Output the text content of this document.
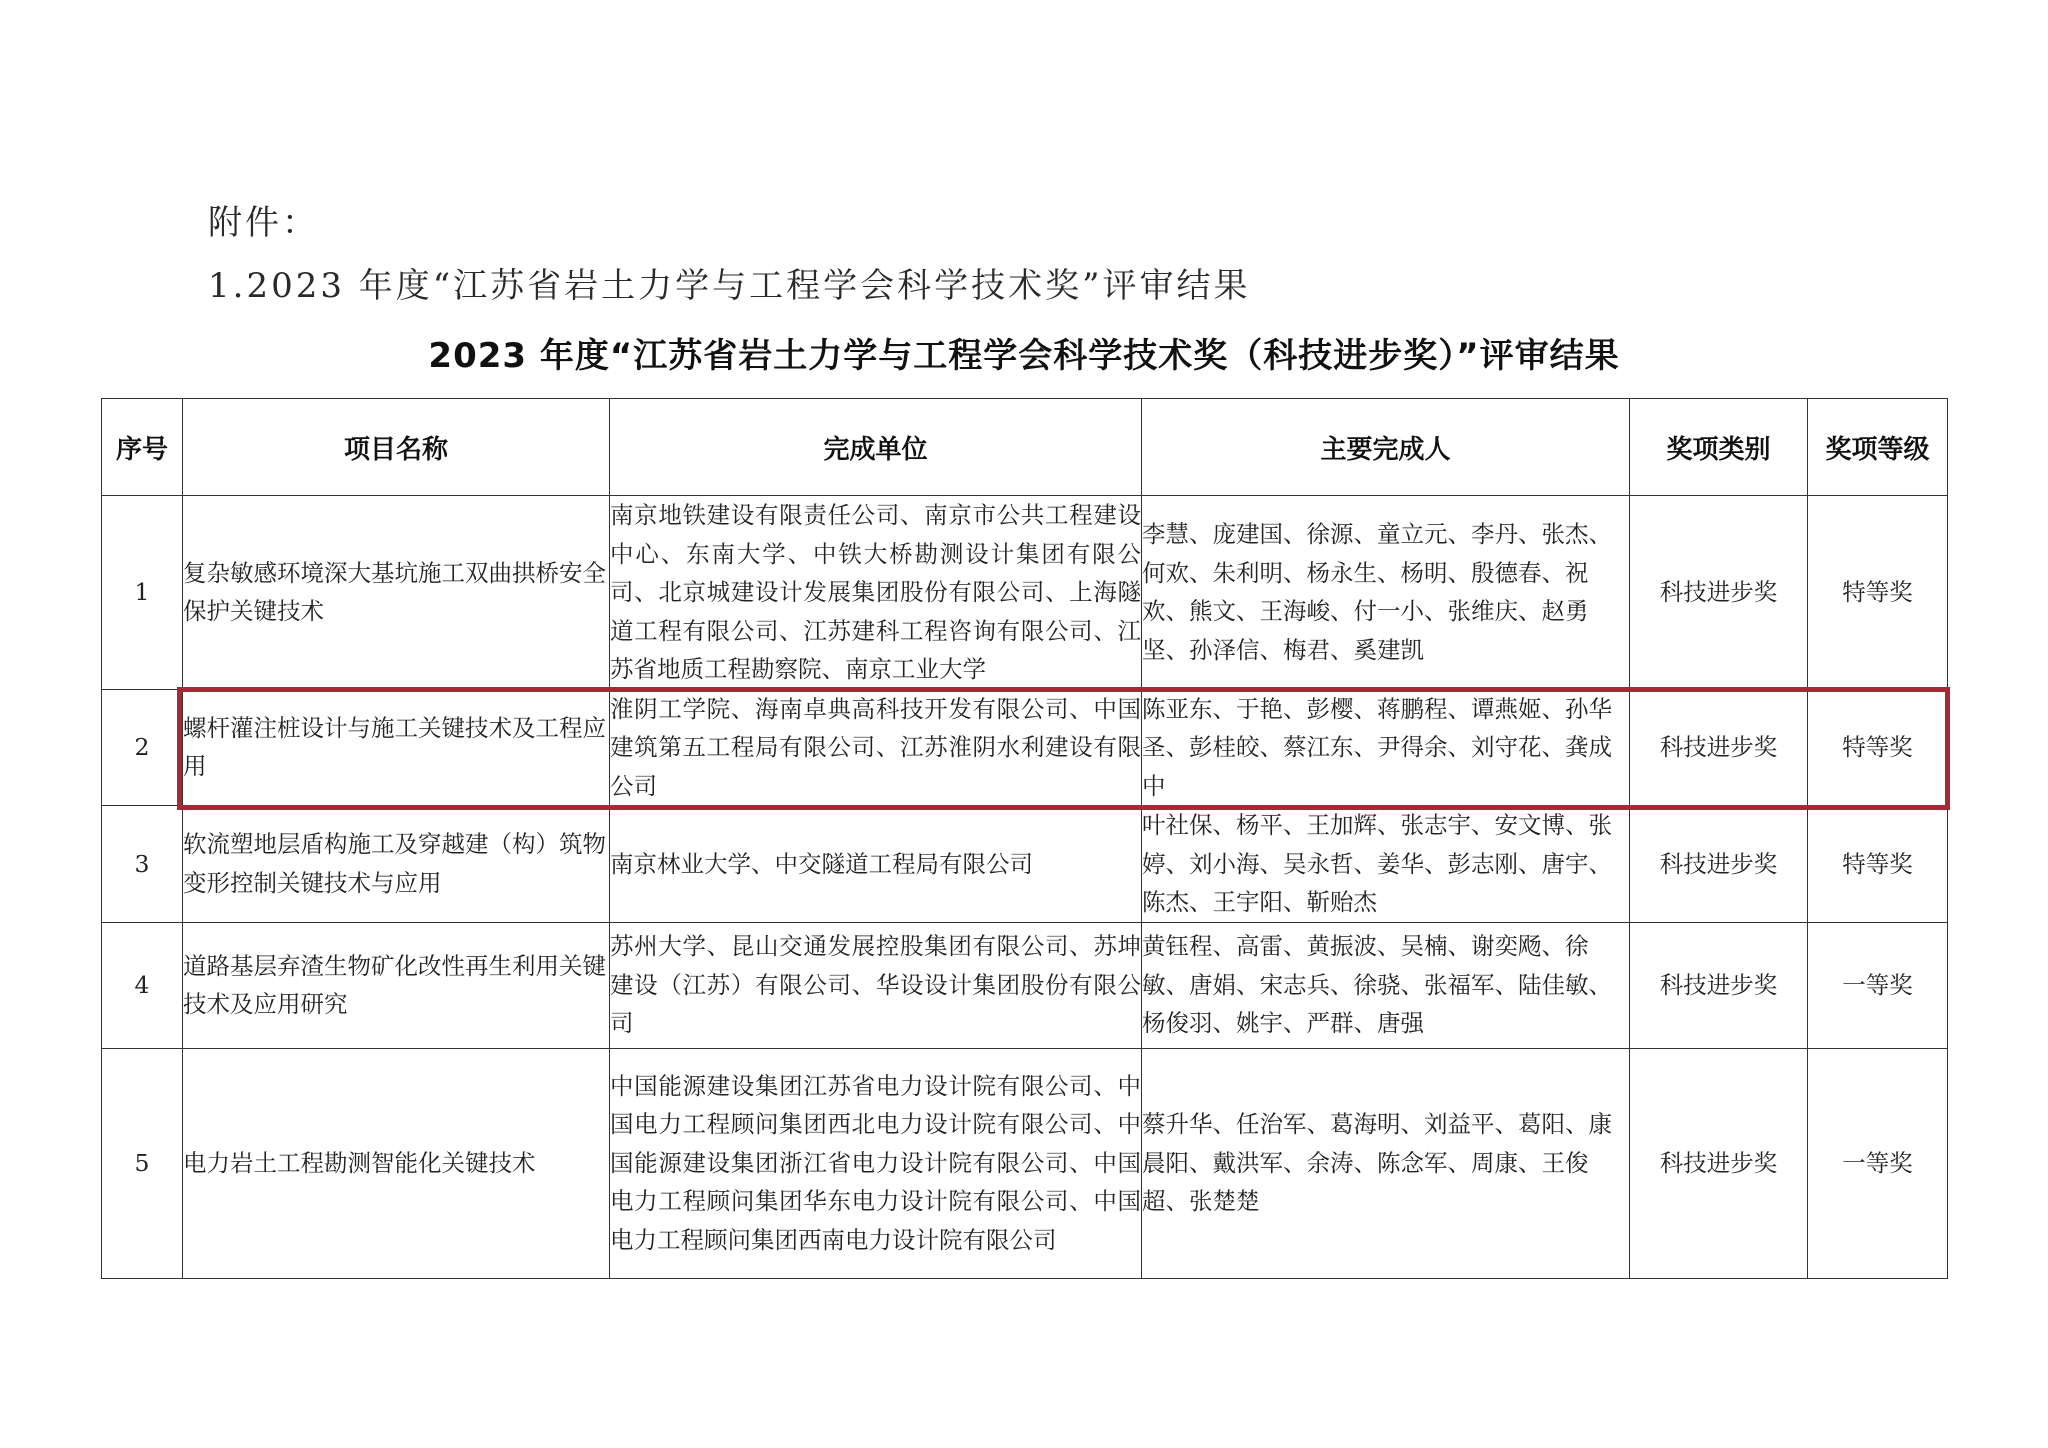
附件：
1.2023 年度“江苏省岩土力学与工程学会科学技术奖”评审结果
2023 年度“江苏省岩土力学与工程学会科学技术奖（科技进步奖）”评审结果
序号	项目名称	完成单位	主要完成人	奖项类别	奖项等级
1	复杂敏感环境深大基坑施工双曲拱桥安全保护关键技术	南京地铁建设有限责任公司、南京市公共工程建设中心、东南大学、中铁大桥勘测设计集团有限公司、北京城建设计发展集团股份有限公司、上海隧道工程有限公司、江苏建科工程咨询有限公司、江苏省地质工程勘察院、南京工业大学	李慧、庞建国、徐源、童立元、李丹、张杰、何欢、朱利明、杨永生、杨明、殷德春、祝欢、熊文、王海峻、付一小、张维庆、赵勇坚、孙泽信、梅君、奚建凯	科技进步奖	特等奖
2	螺杆灌注桩设计与施工关键技术及工程应用	淮阴工学院、海南卓典高科技开发有限公司、中国建筑第五工程局有限公司、江苏淮阴水利建设有限公司	陈亚东、于艳、彭樱、蒋鹏程、谭燕姬、孙华圣、彭桂皎、蔡江东、尹得余、刘守花、龚成中	科技进步奖	特等奖
3	软流塑地层盾构施工及穿越建（构）筑物变形控制关键技术与应用	南京林业大学、中交隧道工程局有限公司	叶社保、杨平、王加辉、张志宇、安文博、张婷、刘小海、吴永哲、姜华、彭志刚、唐宇、陈杰、王宇阳、靳贻杰	科技进步奖	特等奖
4	道路基层弃渣生物矿化改性再生利用关键技术及应用研究	苏州大学、昆山交通发展控股集团有限公司、苏坤建设（江苏）有限公司、华设设计集团股份有限公司	黄钰程、高雷、黄振波、吴楠、谢奕飏、徐敏、唐娟、宋志兵、徐骁、张福军、陆佳敏、杨俊羽、姚宇、严群、唐强	科技进步奖	一等奖
5	电力岩土工程勘测智能化关键技术	中国能源建设集团江苏省电力设计院有限公司、中国电力工程顾问集团西北电力设计院有限公司、中国能源建设集团浙江省电力设计院有限公司、中国电力工程顾问集团华东电力设计院有限公司、中国电力工程顾问集团西南电力设计院有限公司	蔡升华、任治军、葛海明、刘益平、葛阳、康晨阳、戴洪军、余涛、陈念军、周康、王俊超、张楚楚	科技进步奖	一等奖
